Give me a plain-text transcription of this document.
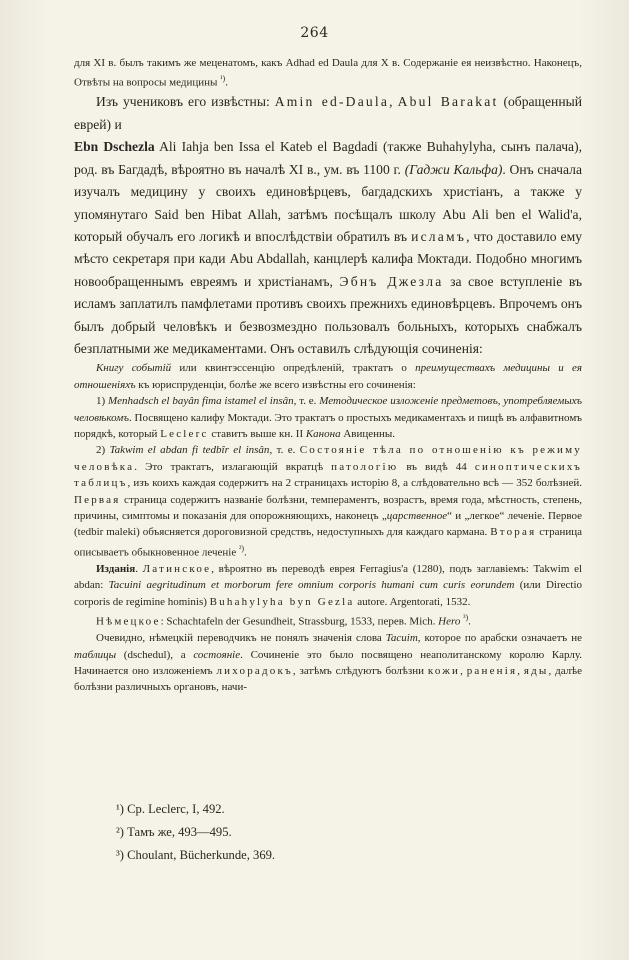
264

для XI в. былъ такимъ же меценатомъ, какъ Adhad ed Daula для X в. Содержаніе ея неизвѣстно. Наконецъ, Отвѣты на вопросы медицины $^{^1)}$.

Изъ учениковъ его извѣстны: Amin ed-Daula, Abul Barakat (обращенный еврей) и

Ebn Dschezla Ali Iahja ben Issa el Kateb el Bagdadi (также Buhahylyha, сынъ палача), род. въ Багдадѣ, вѣроятно въ началѣ XI в., ум. въ 1100 г. (Гаджи Кальфа). Онъ сначала изучалъ медицину у своихъ единовѣрцевъ, багдадскихъ христіанъ, а также у упомянутаго Said ben Hibat Allah, затѣмъ посѣщалъ школу Abu Ali ben el Walid'a, который обучалъ его логикѣ и впослѣдствіи обратилъ въ исламъ, что доставило ему мѣсто секретаря при кади Abu Abdallah, канцлерѣ калифа Моктади. Подобно многимъ новообращеннымъ евреямъ и христіанамъ, Эбнъ Джезла за свое вступленіе въ исламъ заплатилъ памфлетами противъ своихъ прежнихъ единовѣрцевъ. Впрочемъ онъ былъ добрый человѣкъ и безвозмездно пользовалъ больныхъ, которыхъ снабжалъ безплатными же медикаментами. Онъ оставилъ слѣдующія сочиненія:

Книгу событій или квинтэссенцію опредѣленій, трактатъ о преимуществахъ медицины и ея отношеніяхъ къ юриспруденціи, болѣе же всего извѣстны его сочиненія:

1) Menhadsch el bayân fima istamel el insân, т. е. Методическое изложеніе предметовъ, употребляемыхъ человѣкомъ. Посвящено калифу Моктади. Это трактатъ о простыхъ медикаментахъ и пищѣ въ алфавитномъ порядкѣ, который Leclerc ставитъ выше кн. II Канона Авиценны.

2) Takwim el abdan fi tedbîr el insân, т. е. Состояніе тѣла по отношенію къ режиму человѣка. Это трактатъ, излагающій вкратцѣ патологію въ видѣ 44 синоптическихъ таблицъ, изъ коихъ каждая содержитъ на 2 страницахъ исторію 8, а слѣдовательно всѣ — 352 болѣзней. Первая страница содержитъ названіе болѣзни, темпераментъ, возрастъ, время года, мѣстность, степень, причины, симптомы и показанія для опорожняющихъ, наконецъ „царственное“ и „легкое“ леченіе. Первое (tedbir maleki) объясняется дороговизной средствъ, недоступныхъ для каждаго кармана. Вторая страница описываетъ обыкновенное леченіе $^{^2)}$.

Изданія. Латинское, вѣроятно въ переводѣ еврея Ferragius'a (1280), подъ заглавіемъ: Takwim el abdan: Tacuini aegritudinum et morborum fere omnium corporis humani cum curis eorundem (или Directio corporis de regimine hominis) Buhahylyha byn Gezla autore. Argentorati, 1532.

Нѣмецкое: Schachtafeln der Gesundheit, Strassburg, 1533, перев. Mich. Hero $^{^3)}$.

Очевидно, нѣмецкій переводчикъ не понялъ значенія слова Tacuim, которое по арабски означаетъ не таблицы (dschedul), а состояніе. Сочиненіе это было посвящено неаполитанскому королю Карлу. Начинается оно изложеніемъ лихорадокъ, затѣмъ слѣдуютъ болѣзни кожи, раненія, яды, далѣе болѣзни различныхъ органовъ, начи-

¹) Cp. Leclerc, I, 492.
²) Тамъ же, 493—495.
³) Choulant, Bücherkunde, 369.
